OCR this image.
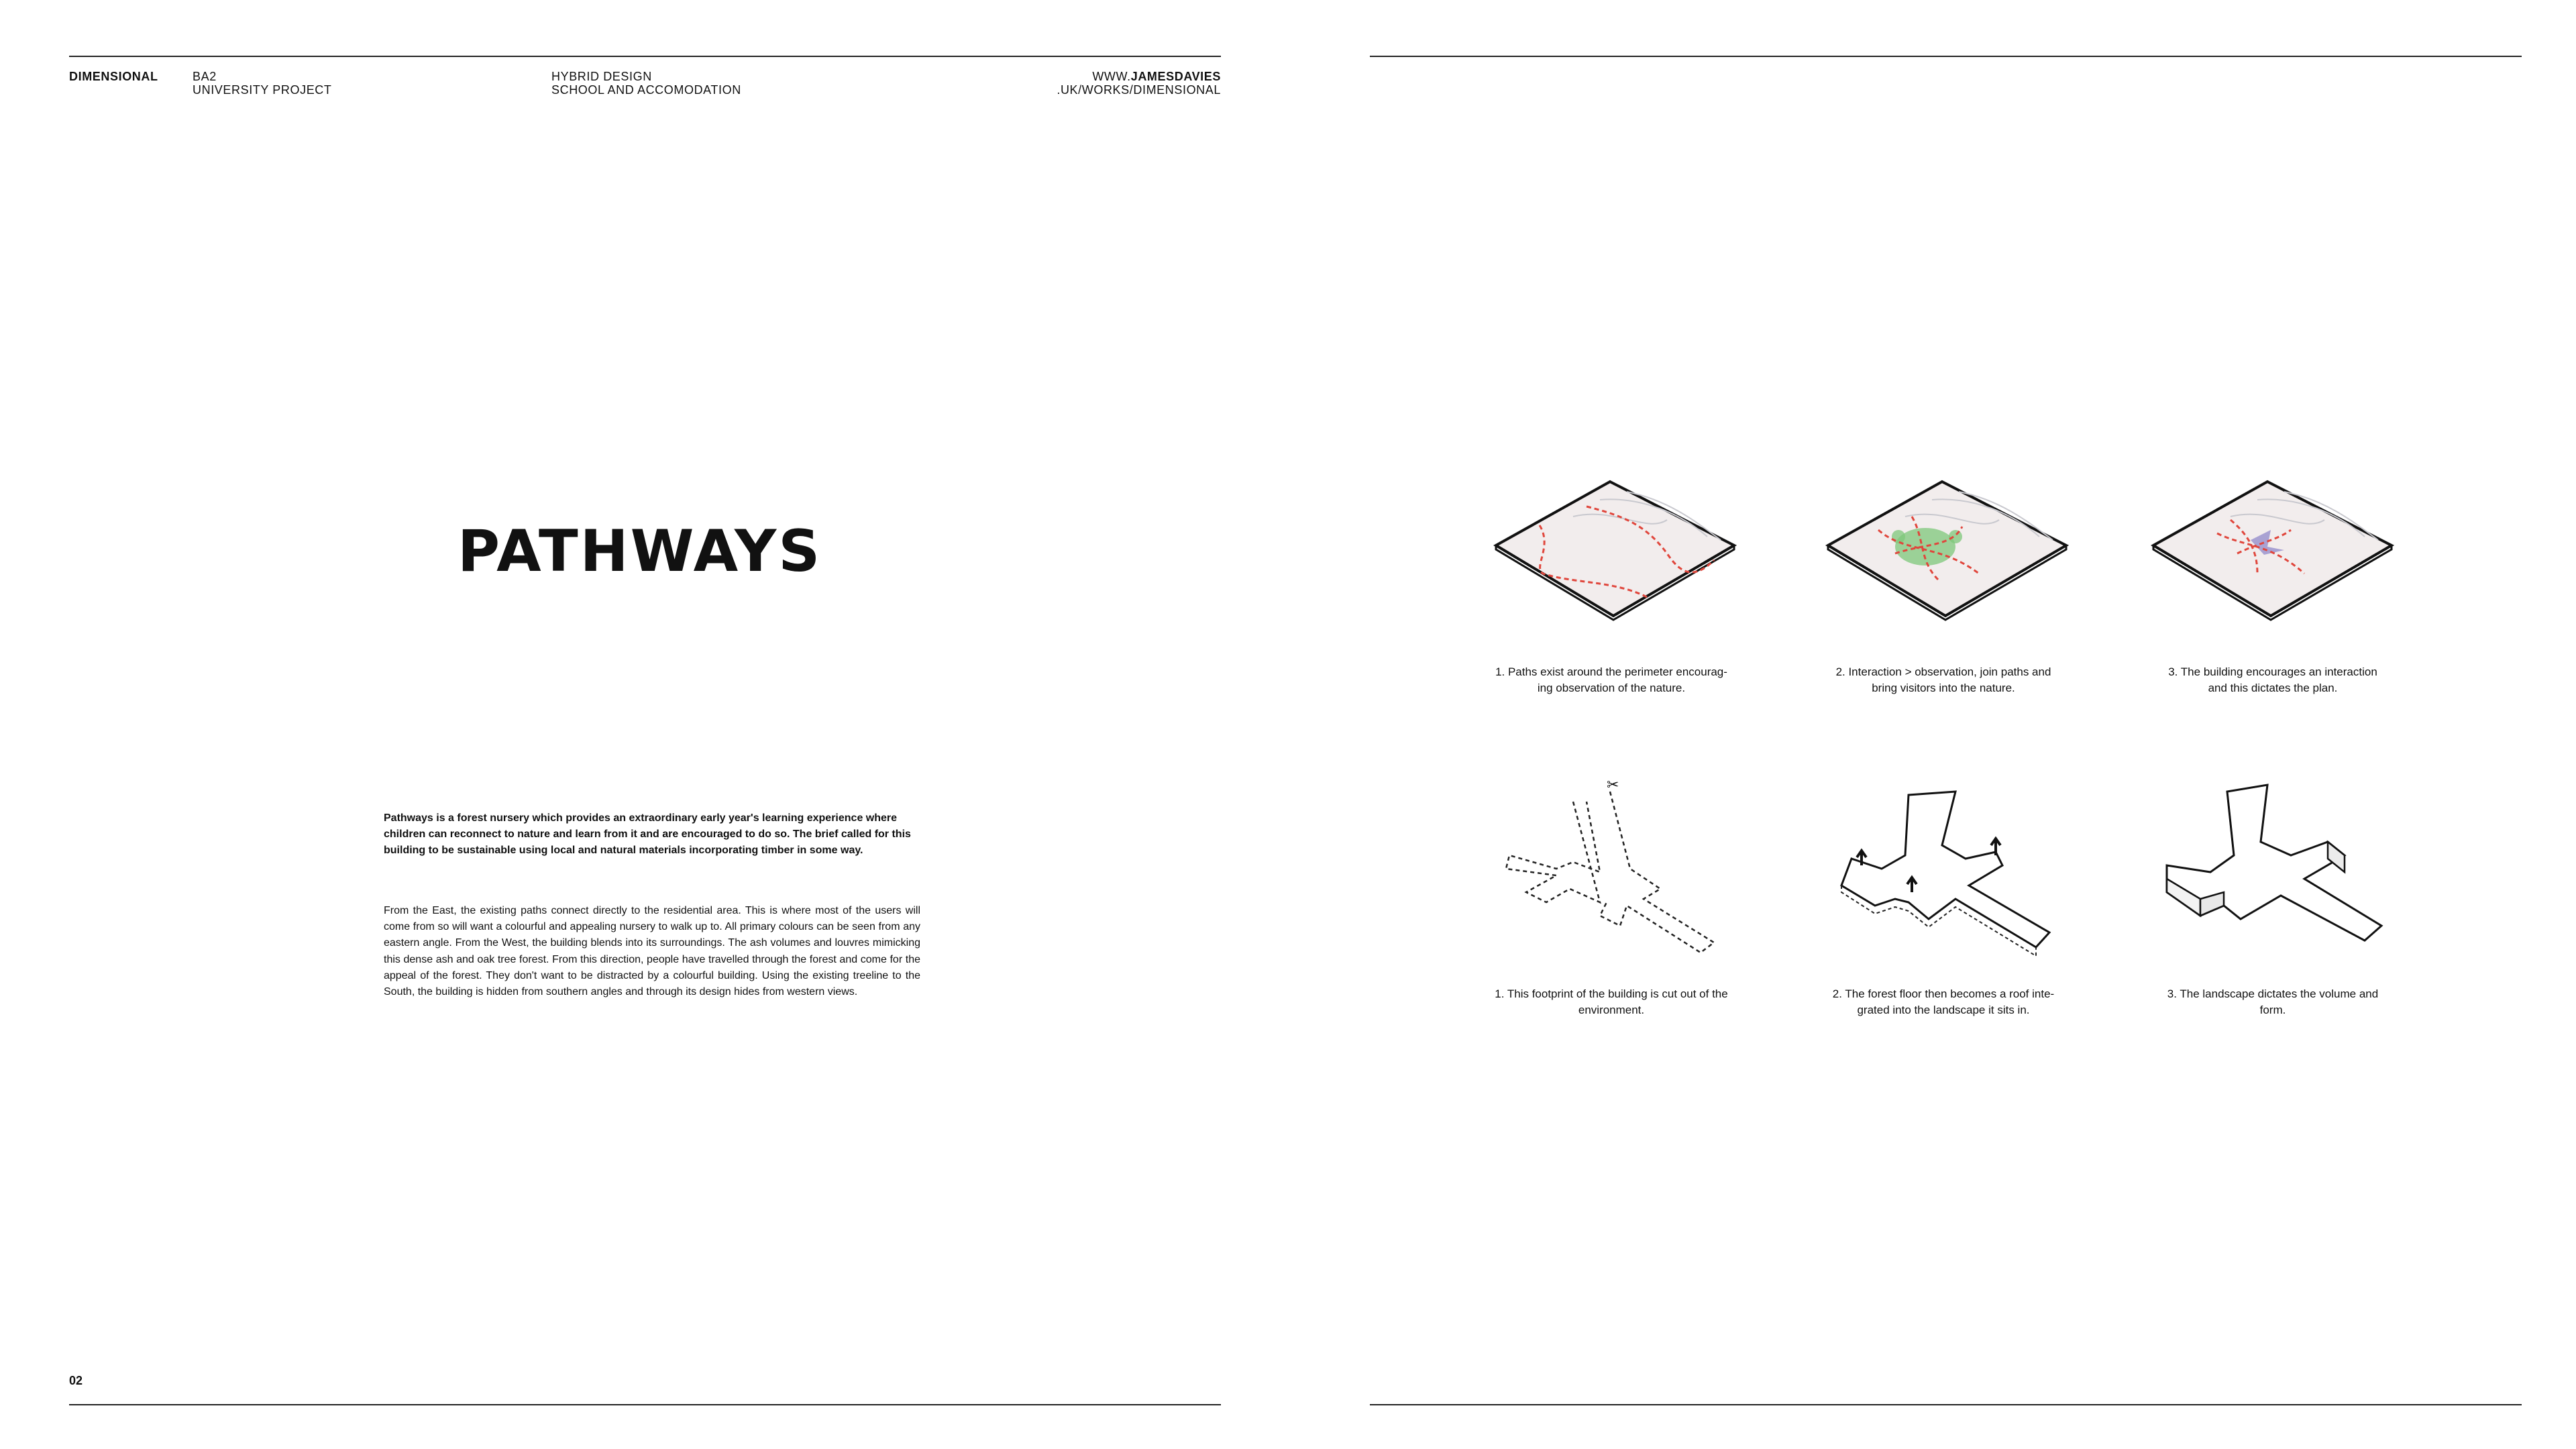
DIMENSIONAL	BA2
UNIVERSITY PROJECT
HYBRID DESIGN
SCHOOL AND ACCOMODATION
WWW.JAMESDAVIES
.UK/WORKS/DIMENSIONAL
PATHWAYS
Pathways is a forest nursery which provides an extraordinary early year's learning experience where children can reconnect to nature and learn from it and are encouraged to do so. The brief called for this building to be sustainable using local and natural materials incorporating timber in some way.
From the East, the existing paths connect directly to the residential area. This is where most of the users will come from so will want a colourful and appealing nursery to walk up to. All primary colours can be seen from any eastern angle. From the West, the building blends into its surroundings. The ash volumes and louvres mimicking this dense ash and oak tree forest. From this direction, people have travelled through the forest and come for the appeal of the forest. They don't want to be distracted by a colourful building. Using the existing treeline to the South, the building is hidden from southern angles and through its design hides from western views.
02
1. Paths exist around the perimeter encourag-
ing observation of the nature.
2. Interaction > observation, join paths and
bring visitors into the nature.
3. The building encourages an interaction
and this dictates the plan.
✂
1. This footprint of the building is cut out of the
environment.
2. The forest floor then becomes a roof inte-
grated into the landscape it sits in.
3. The landscape dictates the volume and
form.
